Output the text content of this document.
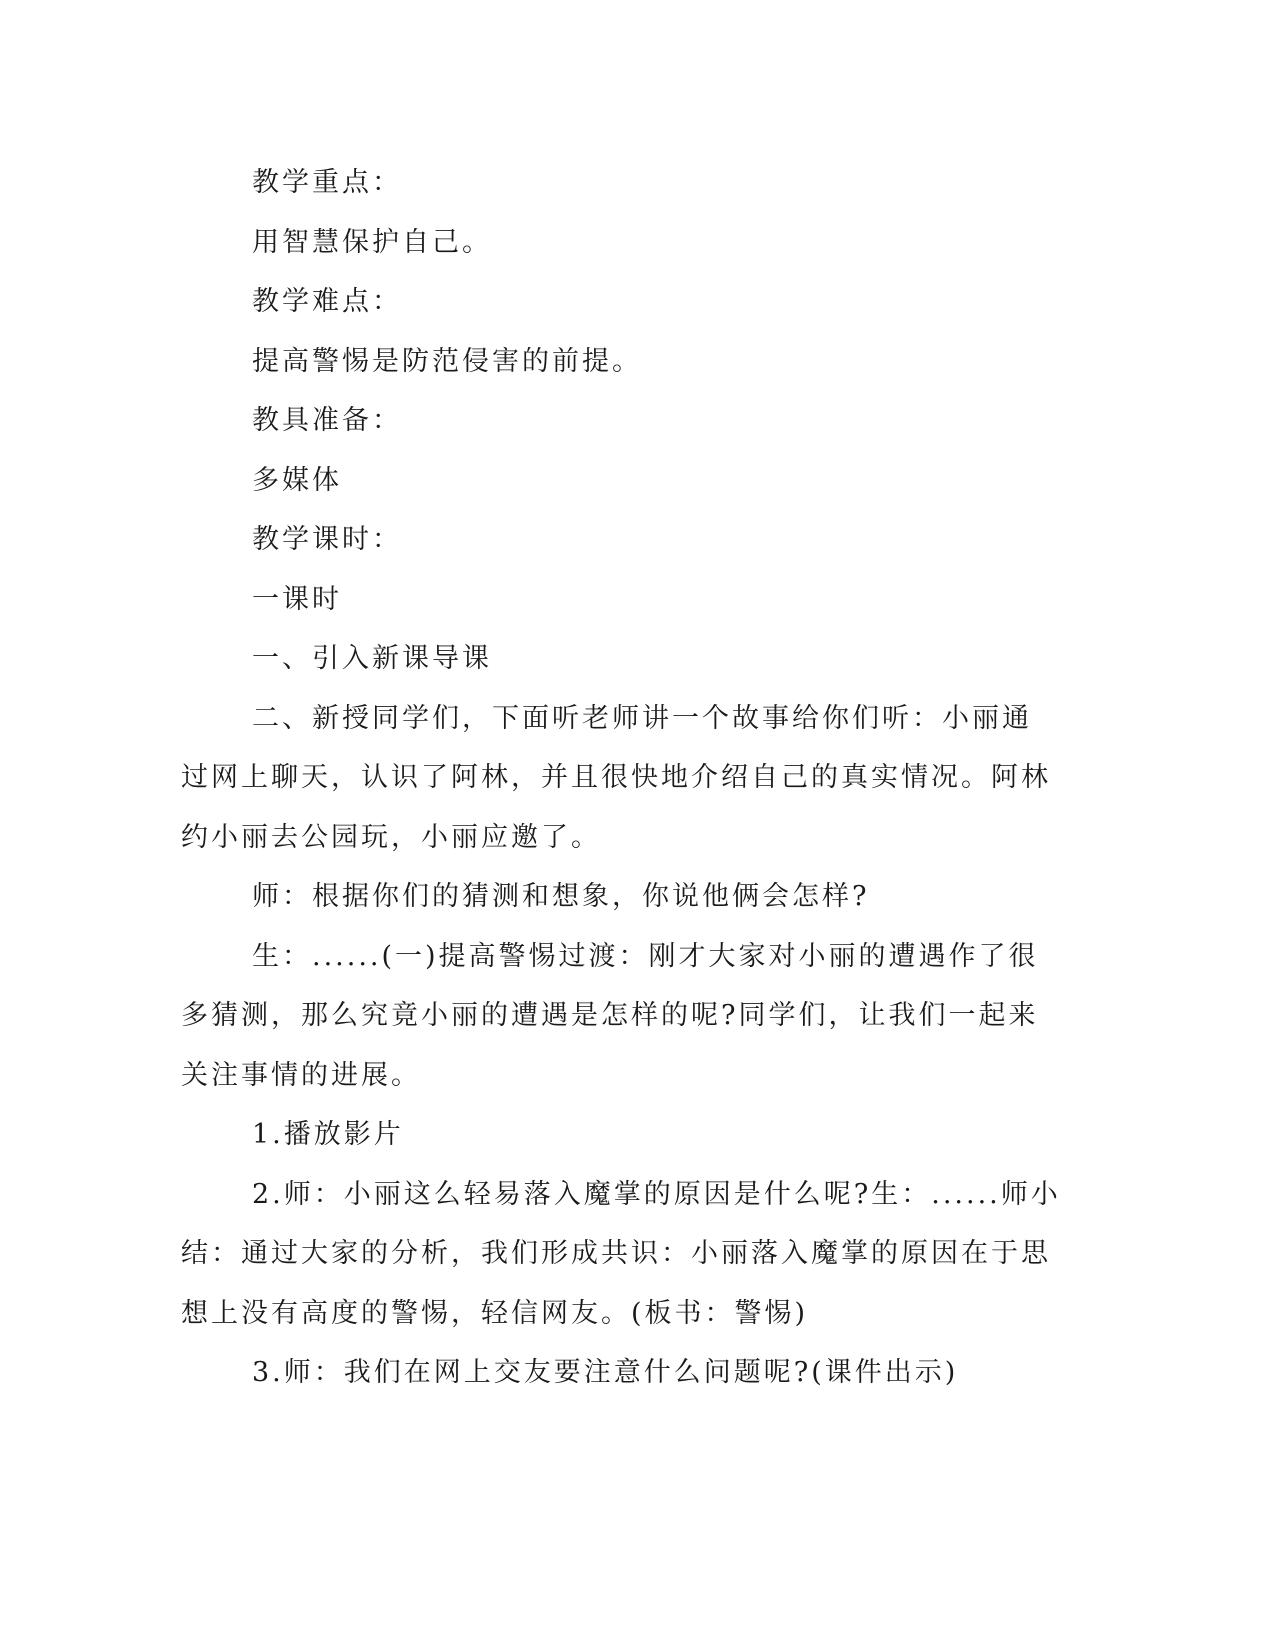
教学重点：

用智慧保护自己。

教学难点：

提高警惕是防范侵害的前提。

教具准备：

多媒体

教学课时：

一课时

一、引入新课导课

二、新授同学们，下面听老师讲一个故事给你们听：小丽通过网上聊天，认识了阿林，并且很快地介绍自己的真实情况。阿林约小丽去公园玩，小丽应邀了。

师：根据你们的猜测和想象，你说他俩会怎样?

生：......(一)提高警惕过渡：刚才大家对小丽的遭遇作了很多猜测，那么究竟小丽的遭遇是怎样的呢?同学们，让我们一起来关注事情的进展。

1.播放影片

2.师：小丽这么轻易落入魔掌的原因是什么呢?生：......师小结：通过大家的分析，我们形成共识：小丽落入魔掌的原因在于思想上没有高度的警惕，轻信网友。(板书：警惕)

3.师：我们在网上交友要注意什么问题呢?(课件出示)
